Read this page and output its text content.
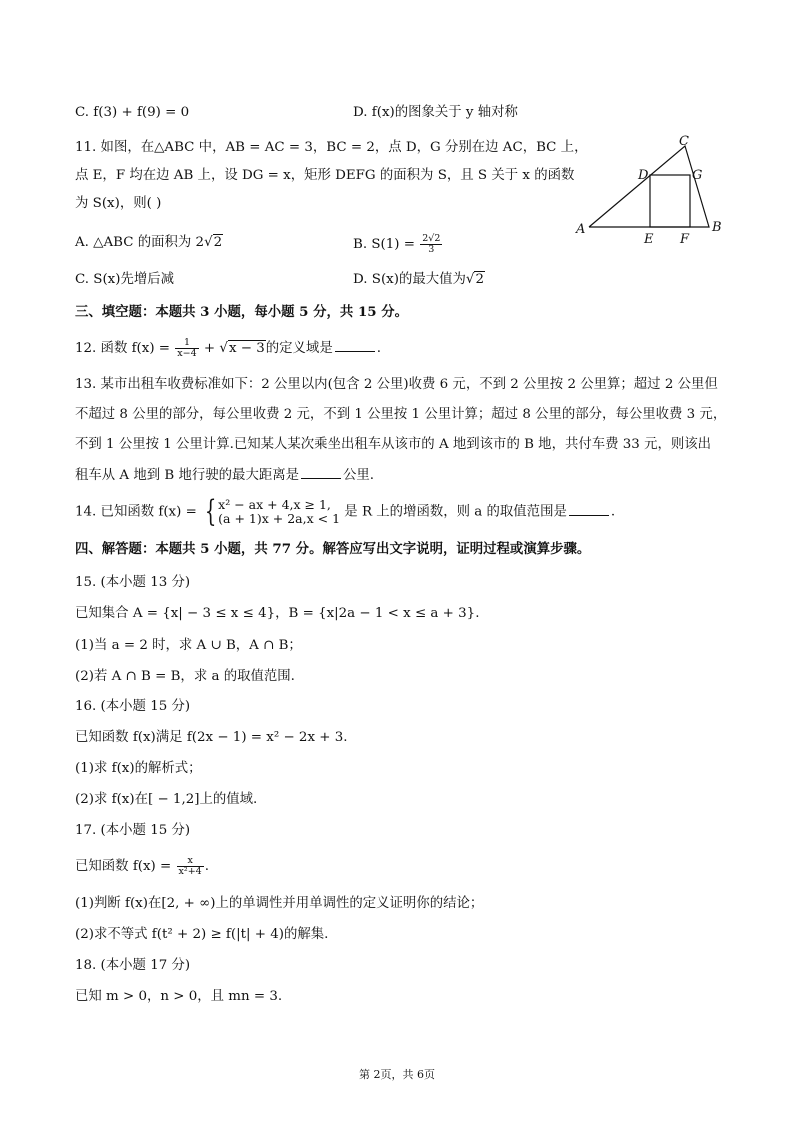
C. f(3) + f(9) = 0	D. f(x)的图象关于 y 轴对称
11. 如图，在△ABC 中，AB = AC = 3，BC = 2，点 D，G 分别在边 AC，BC 上，
点 E，F 均在边 AB 上，设 DG = x，矩形 DEFG 的面积为 S，且 S 关于 x 的函数
为 S(x)，则( )
A	B
C
D
E F
G
A. △ABC 的面积为 2√2	B. $S(1) = \frac{2√2}{3}$
C. S(x)先增后减	D. S(x)的最大值为√2
三、填空题：本题共 3 小题，每小题 5 分，共 15 分。
12. 函数 $f(x) = \frac{1}{x-4} + √x - 3$的定义域是	.
13. 某市出租车收费标准如下：2 公里以内(包含 2 公里)收费 6 元，不到 2 公里按 2 公里算；超过 2 公里但
不超过 8 公里的部分，每公里收费 2 元，不到 1 公里按 1 公里计算；超过 8 公里的部分，每公里收费 3 元，
不到 1 公里按 1 公里计算.已知某人某次乘坐出租车从该市的 A 地到该市的 B 地，共付车费 33 元，则该出
租车从 A 地到 B 地行驶的最大距离是	公里.
14. 已知函数 f(x) = { x² − ax + 4,x ≥ 1,
(a + 1)x + 2a,x < 1 是 R 上的增函数，则 a 的取值范围是	.
四、解答题：本题共 5 小题，共 77 分。解答应写出文字说明，证明过程或演算步骤。
15. (本小题 13 分)
已知集合 A = {x| − 3 ≤ x ≤ 4}，B = {x|2a − 1 < x ≤ a + 3}.
(1)当 a = 2 时，求 A ∪ B，A ∩ B；
(2)若 A ∩ B = B，求 a 的取值范围.
16. (本小题 15 分)
已知函数 f(x)满足 f(2x − 1) = x² − 2x + 3.
(1)求 f(x)的解析式；
(2)求 f(x)在[ − 1,2]上的值域.
17. (本小题 15 分)
已知函数 $f(x) = \frac{x}{\text{x²+4}}$ .
(1)判断 f(x)在[2, + ∞)上的单调性并用单调性的定义证明你的结论；
(2)求不等式 f(t² + 2) ≥ f(|t| + 4)的解集.
18. (本小题 17 分)
已知 m > 0，n > 0，且 mn = 3.
第 2页，共 6页
